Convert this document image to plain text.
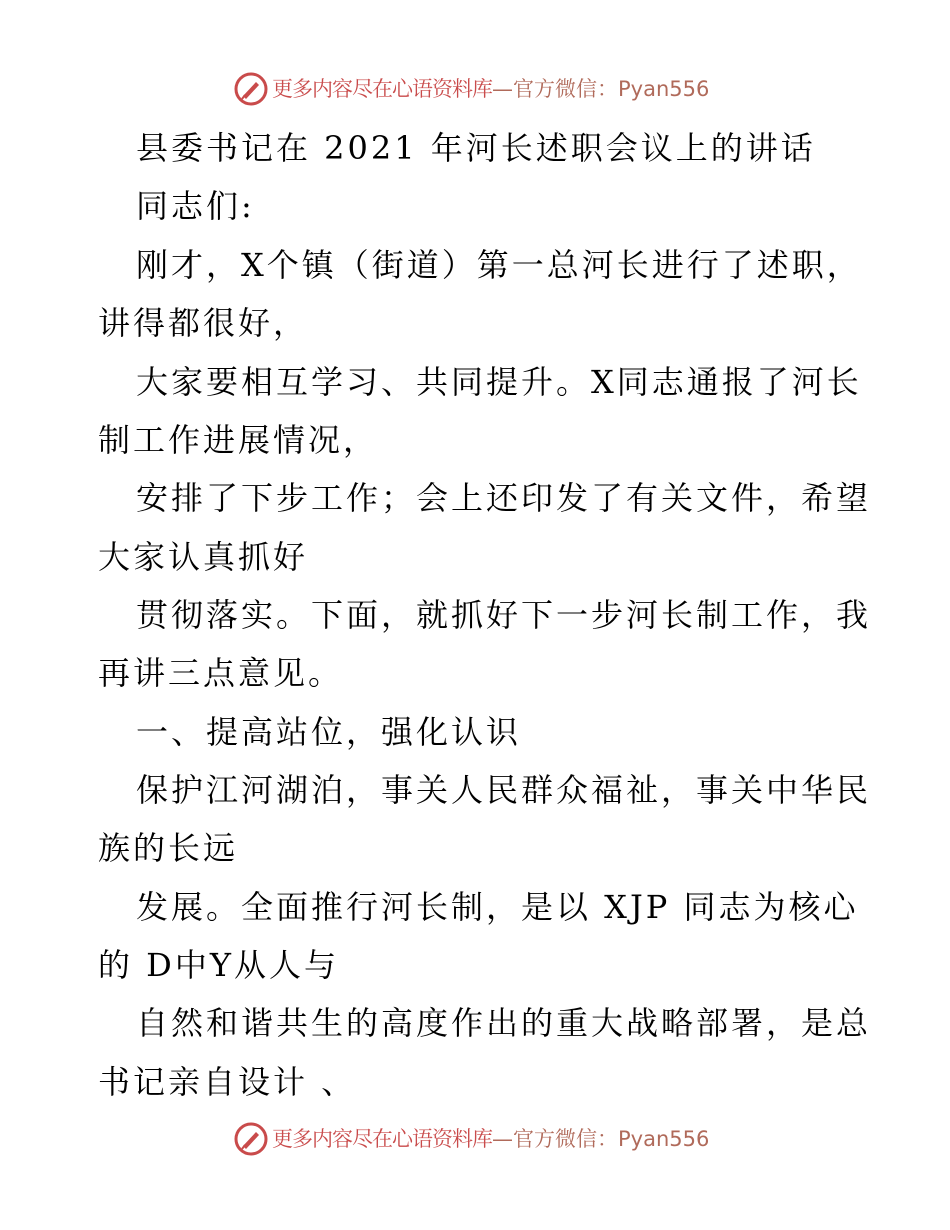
更多内容尽在心语资料库—官方微信：Pyan556
县委书记在 2021 年河长述职会议上的讲话
同志们:
刚才，X个镇（街道）第一总河长进行了述职，
讲得都很好，
大家要相互学习、共同提升。X同志通报了河长
制工作进展情况，
安排了下步工作；会上还印发了有关文件，希望
大家认真抓好
贯彻落实。下面，就抓好下一步河长制工作，我
再讲三点意见。
一、提高站位，强化认识
保护江河湖泊，事关人民群众福祉，事关中华民
族的长远
发展。全面推行河长制，是以 XJP 同志为核心
的 D中Y从人与
自然和谐共生的高度作出的重大战略部署，是总
书记亲自设计 、
更多内容尽在心语资料库—官方微信：Pyan556
